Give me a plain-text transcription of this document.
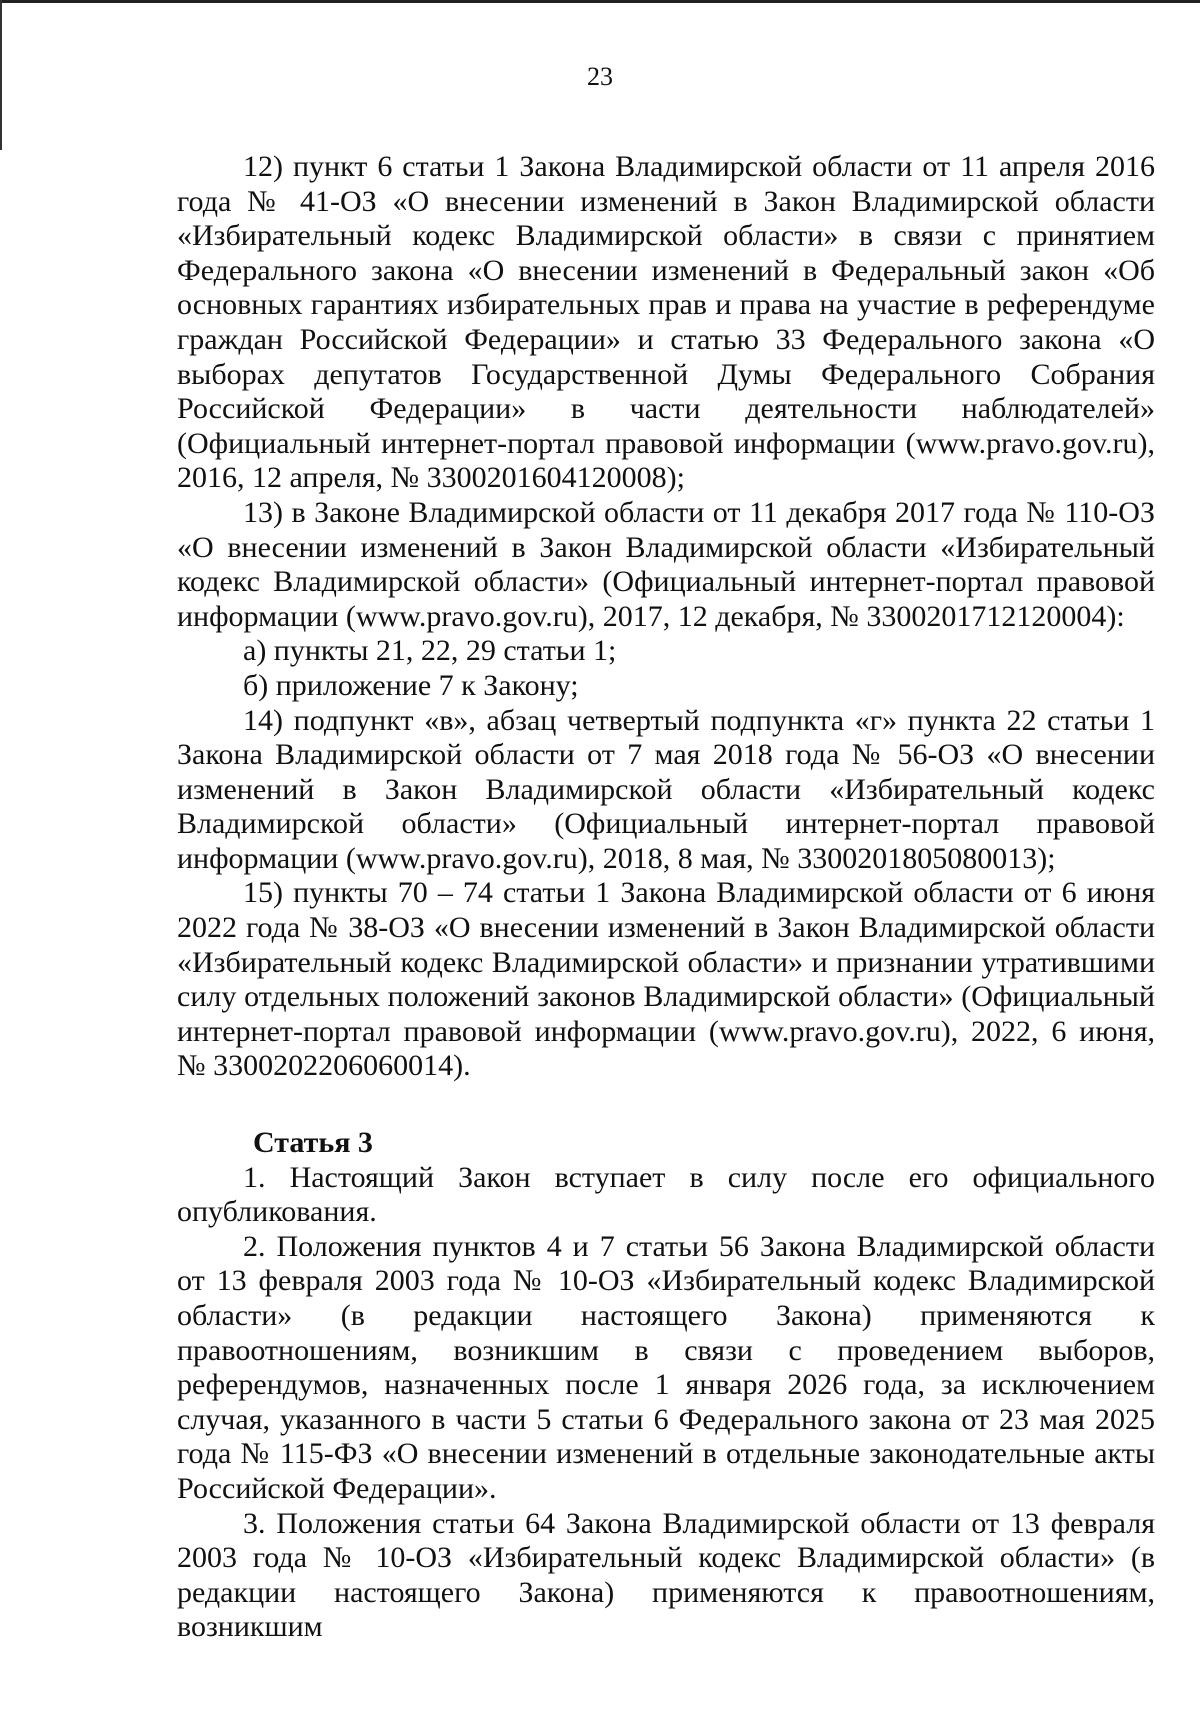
23

12) пункт 6 статьи 1 Закона Владимирской области от 11 апреля 2016 года № 41-ОЗ «О внесении изменений в Закон Владимирской области «Избирательный кодекс Владимирской области» в связи с принятием Федерального закона «О внесении изменений в Федеральный закон «Об основных гарантиях избирательных прав и права на участие в референдуме граждан Российской Федерации» и статью 33 Федерального закона «О выборах депутатов Государственной Думы Федерального Собрания Российской Федерации» в части деятельности наблюдателей» (Официальный интернет-портал правовой информации (www.pravo.gov.ru), 2016, 12 апреля, № 3300201604120008);

13) в Законе Владимирской области от 11 декабря 2017 года № 110-ОЗ «О внесении изменений в Закон Владимирской области «Избирательный кодекс Владимирской области» (Официальный интернет-портал правовой информации (www.pravo.gov.ru), 2017, 12 декабря, № 3300201712120004):

а) пункты 21, 22, 29 статьи 1;

б) приложение 7 к Закону;

14) подпункт «в», абзац четвертый подпункта «г» пункта 22 статьи 1 Закона Владимирской области от 7 мая 2018 года № 56-ОЗ «О внесении изменений в Закон Владимирской области «Избирательный кодекс Владимирской области» (Официальный интернет-портал правовой информации (www.pravo.gov.ru), 2018, 8 мая, № 3300201805080013);

15) пункты 70 – 74 статьи 1 Закона Владимирской области от 6 июня 2022 года № 38-ОЗ «О внесении изменений в Закон Владимирской области «Избирательный кодекс Владимирской области» и признании утратившими силу отдельных положений законов Владимирской области» (Официальный интернет-портал правовой информации (www.pravo.gov.ru), 2022, 6 июня, № 3300202206060014).

Статья 3

1. Настоящий Закон вступает в силу после его официального опубликования.

2. Положения пунктов 4 и 7 статьи 56 Закона Владимирской области от 13 февраля 2003 года № 10-ОЗ «Избирательный кодекс Владимирской области» (в редакции настоящего Закона) применяются к правоотношениям, возникшим в связи с проведением выборов, референдумов, назначенных после 1 января 2026 года, за исключением случая, указанного в части 5 статьи 6 Федерального закона от 23 мая 2025 года № 115-ФЗ «О внесении изменений в отдельные законодательные акты Российской Федерации».

3. Положения статьи 64 Закона Владимирской области от 13 февраля 2003 года № 10-ОЗ «Избирательный кодекс Владимирской области» (в редакции настоящего Закона) применяются к правоотношениям, возникшим
